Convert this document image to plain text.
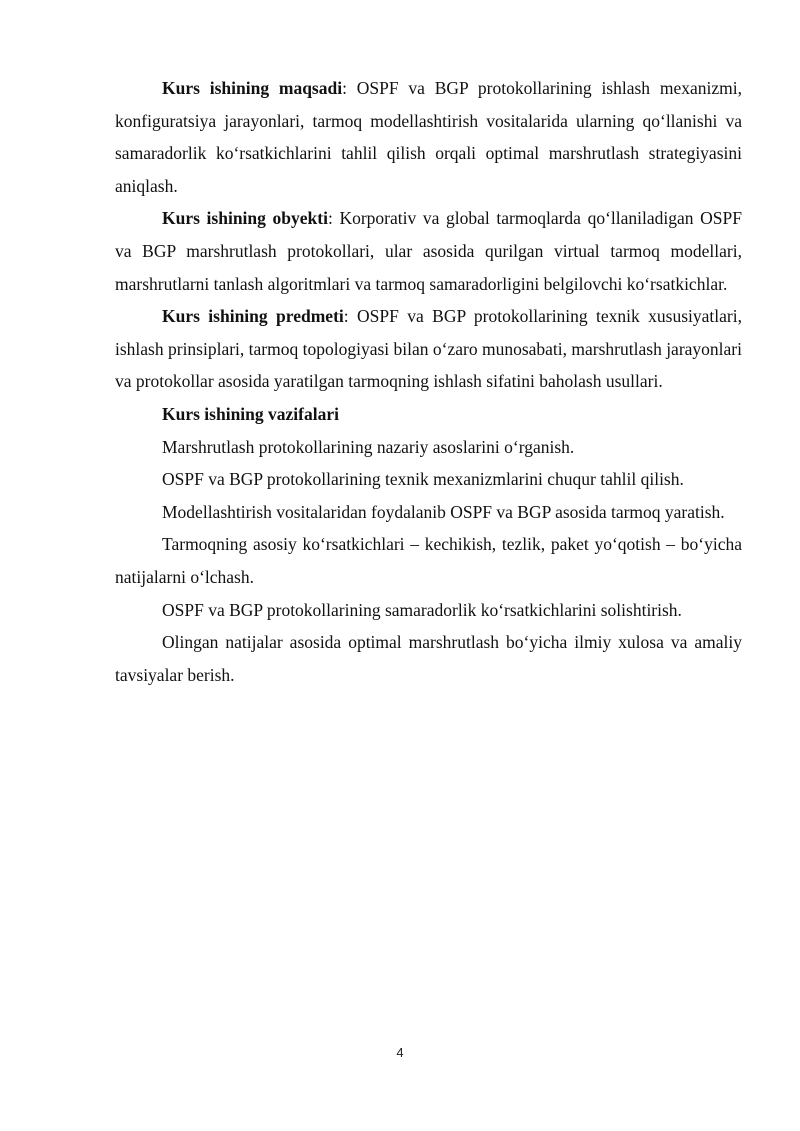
Kurs ishining maqsadi: OSPF va BGP protokollarining ishlash mexanizmi, konfiguratsiya jarayonlari, tarmoq modellashtirish vositalarida ularning qo‘llanishi va samaradorlik ko‘rsatkichlarini tahlil qilish orqali optimal marshrutlash strategiyasini aniqlash.

Kurs ishining obyekti: Korporativ va global tarmoqlarda qo‘llaniladigan OSPF va BGP marshrutlash protokollari, ular asosida qurilgan virtual tarmoq modellari, marshrutlarni tanlash algoritmlari va tarmoq samaradorligini belgilovchi ko‘rsatkichlar.

Kurs ishining predmeti: OSPF va BGP protokollarining texnik xususiyatlari, ishlash prinsiplari, tarmoq topologiyasi bilan o‘zaro munosabati, marshrutlash jarayonlari va protokollar asosida yaratilgan tarmoqning ishlash sifatini baholash usullari.

Kurs ishining vazifalari

Marshrutlash protokollarining nazariy asoslarini o‘rganish.

OSPF va BGP protokollarining texnik mexanizmlarini chuqur tahlil qilish.

Modellashtirish vositalaridan foydalanib OSPF va BGP asosida tarmoq yaratish.

Tarmoqning asosiy ko‘rsatkichlari – kechikish, tezlik, paket yo‘qotish – bo‘yicha natijalarni o‘lchash.

OSPF va BGP protokollarining samaradorlik ko‘rsatkichlarini solishtirish.

Olingan natijalar asosida optimal marshrutlash bo‘yicha ilmiy xulosa va amaliy tavsiyalar berish.

4
